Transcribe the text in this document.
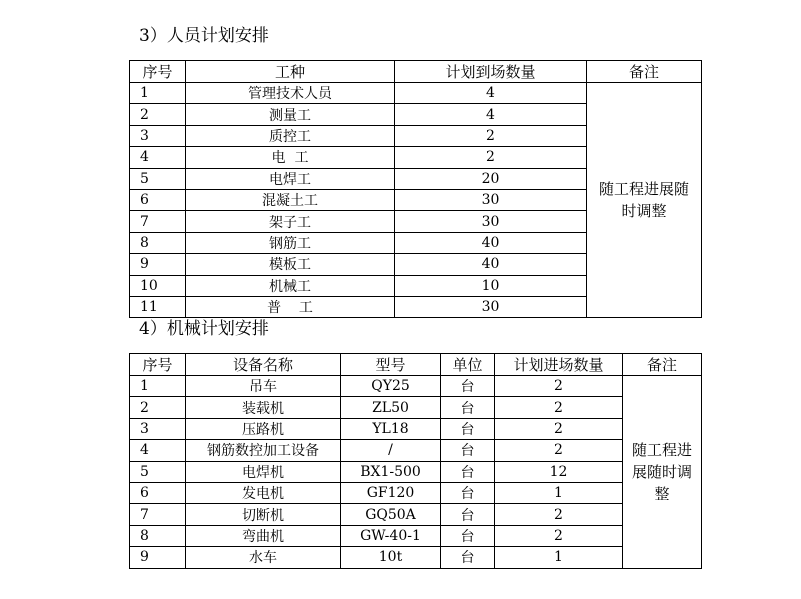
3）人员计划安排
序号	工种	计划到场数量	备注
1	管理技术人员	4	随工程进展随时调整
2	测量工	4	
3	质控工	2	
4	电  工	2	
5	电焊工	20	
6	混凝土工	30	
7	架子工	30	
8	钢筋工	40	
9	模板工	40	
10	机械工	10	
11	普    工	30	
4）机械计划安排
序号	设备名称	型号	单位	计划进场数量	备注
1	吊车	QY25	台	2	随工程进展随时调整
2	装载机	ZL50	台	2	
3	压路机	YL18	台	2	
4	钢筋数控加工设备	/	台	2	
5	电焊机	BX1-500	台	12	
6	发电机	GF120	台	1	
7	切断机	GQ50A	台	2	
8	弯曲机	GW-40-1	台	2	
9	水车	10t	台	1	
